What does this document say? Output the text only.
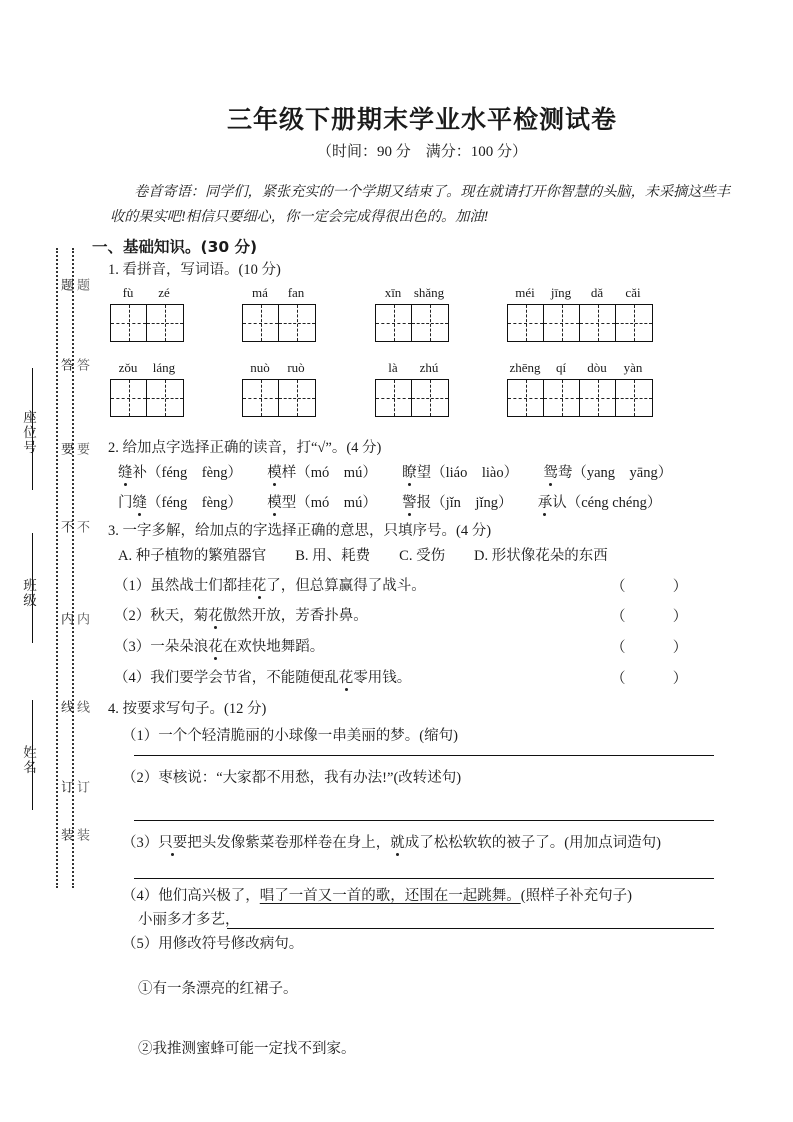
姓名
班级
座位号
装
订
线
内
不
要
答
题
装
订
线
内
不
要
答
题
三年级下册期末学业水平检测试卷
（时间：90 分　满分：100 分）
卷首寄语：同学们，紧张充实的一个学期又结束了。现在就请打开你智慧的头脑，未采摘这些丰收的果实吧!相信只要细心，你一定会完成得很出色的。加油!
一、基础知识。(30 分)
1. 看拼音，写词语。(10 分)
fù	zé	má	fan	xīn shǎng	méi	jīng	dǎ	cǎi
zǒu	láng	nuò	ruò	là	zhú	zhēng	qí	dòu	yàn
2. 给加点字选择正确的读音，打“√”。(4 分)
缝补（féng　fèng） 模样（mó　mú） 瞭望（liáo　liào） 鸳鸯（yang　yāng）
门缝（féng　fèng） 模型（mó　mú） 警报（jǐn　jǐng） 承认（céng chéng）
3. 一字多解，给加点的字选择正确的意思，只填序号。(4 分)
A. 种子植物的繁殖器官　　B. 用、耗费　　C. 受伤　　D. 形状像花朵的东西
（1）虽然战士们都挂花了，但总算赢得了战斗。	（	）
（2）秋天，菊花傲然开放，芳香扑鼻。	（	）
（3）一朵朵浪花在欢快地舞蹈。	（	）
（4）我们要学会节省，不能随便乱花零用钱。	（	）
4. 按要求写句子。(12 分)
（1）一个个轻清脆丽的小球像一串美丽的梦。(缩句)
（2）枣核说：“大家都不用愁，我有办法!”(改转述句)
（3）只要把头发像紫菜卷那样卷在身上，就成了松松软软的被子了。(用加点词造句)
（4）他们高兴极了，唱了一首又一首的歌，还围在一起跳舞。(照样子补充句子)
小丽多才多艺，
（5）用修改符号修改病句。
①有一条漂亮的红裙子。
②我推测蜜蜂可能一定找不到家。
